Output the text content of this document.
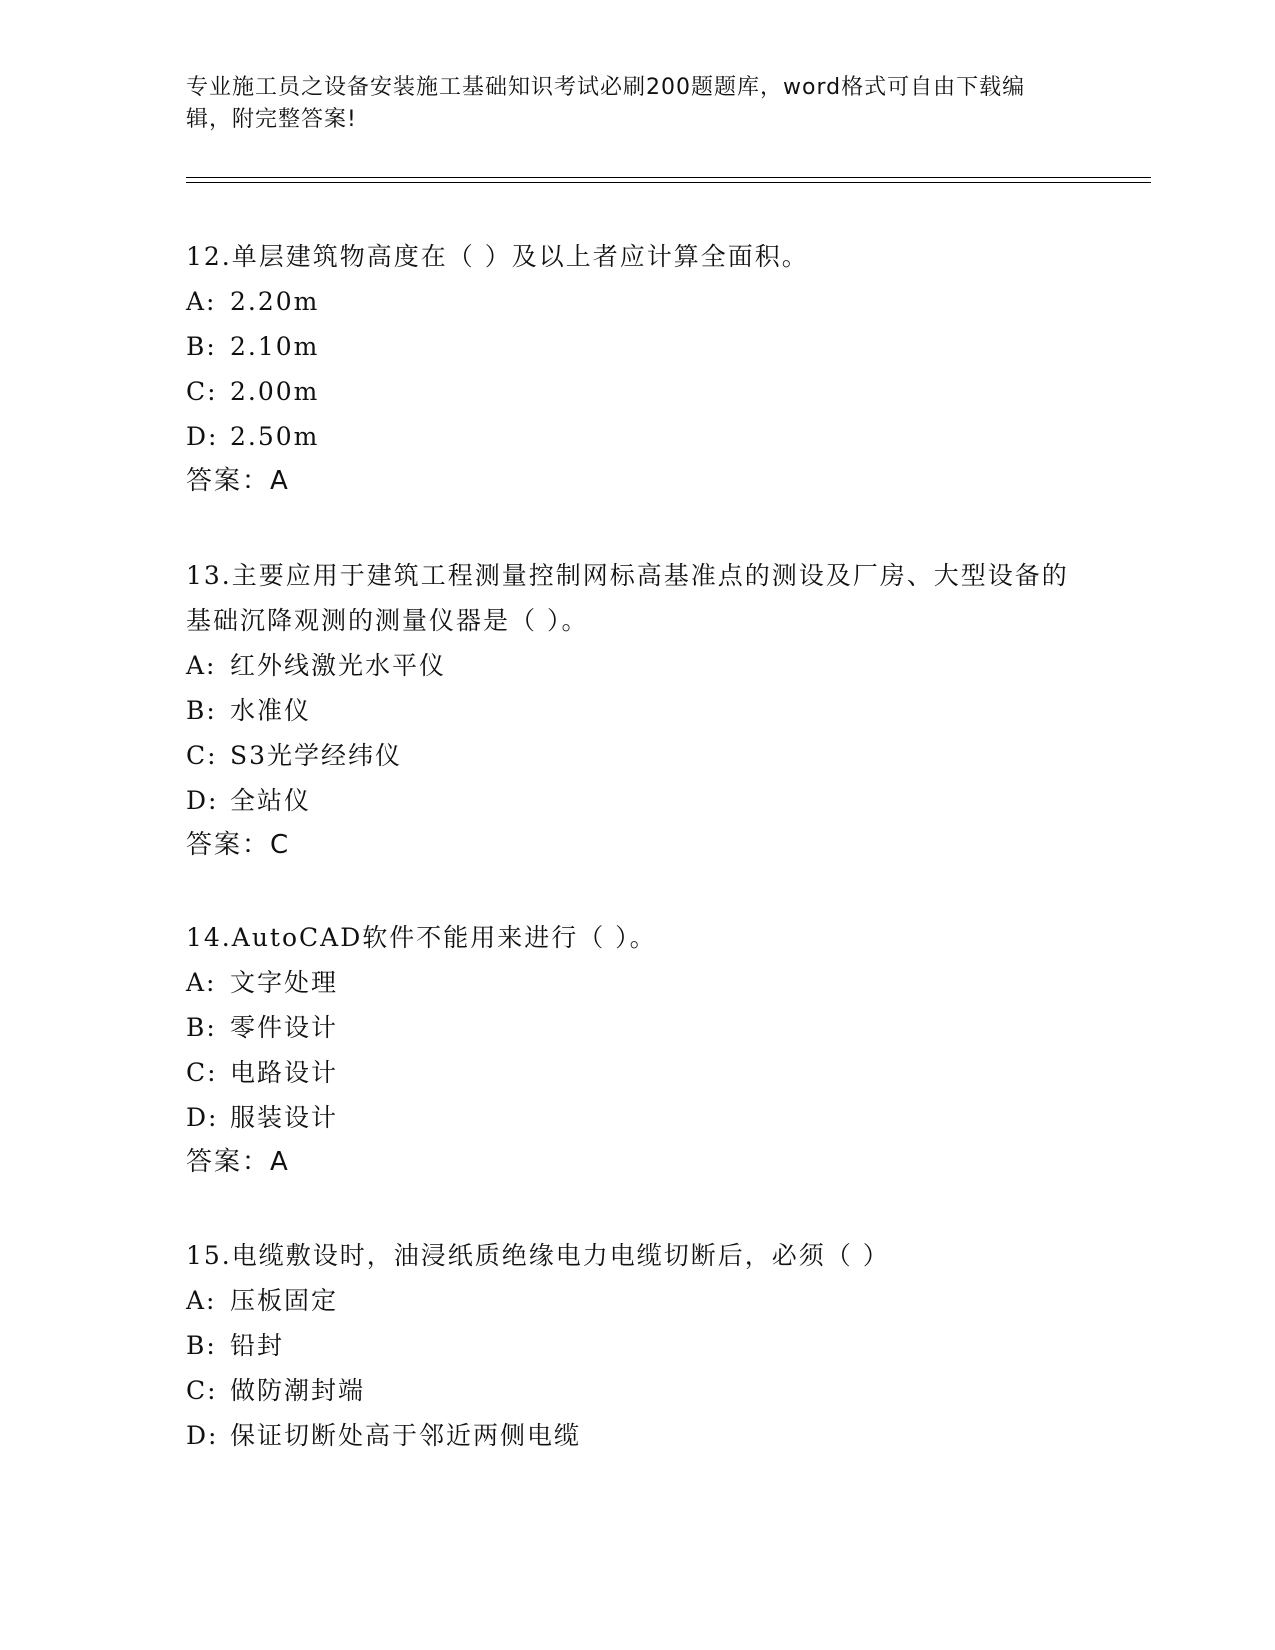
专业施工员之设备安装施工基础知识考试必刷200题题库，word格式可自由下载编辑，附完整答案!

12.单层建筑物高度在（ ）及以上者应计算全面积。

A: 2.20m

B: 2.10m

C: 2.00m

D: 2.50m

答案：A

13.主要应用于建筑工程测量控制网标高基准点的测设及厂房、大型设备的基础沉降观测的测量仪器是（ ）。

A: 红外线激光水平仪

B: 水准仪

C: S3光学经纬仪

D: 全站仪

答案：C

14.AutoCAD软件不能用来进行（ ）。

A: 文字处理

B: 零件设计

C: 电路设计

D: 服装设计

答案：A

15.电缆敷设时，油浸纸质绝缘电力电缆切断后，必须（ ）

A: 压板固定

B: 铅封

C: 做防潮封端

D: 保证切断处高于邻近两侧电缆
